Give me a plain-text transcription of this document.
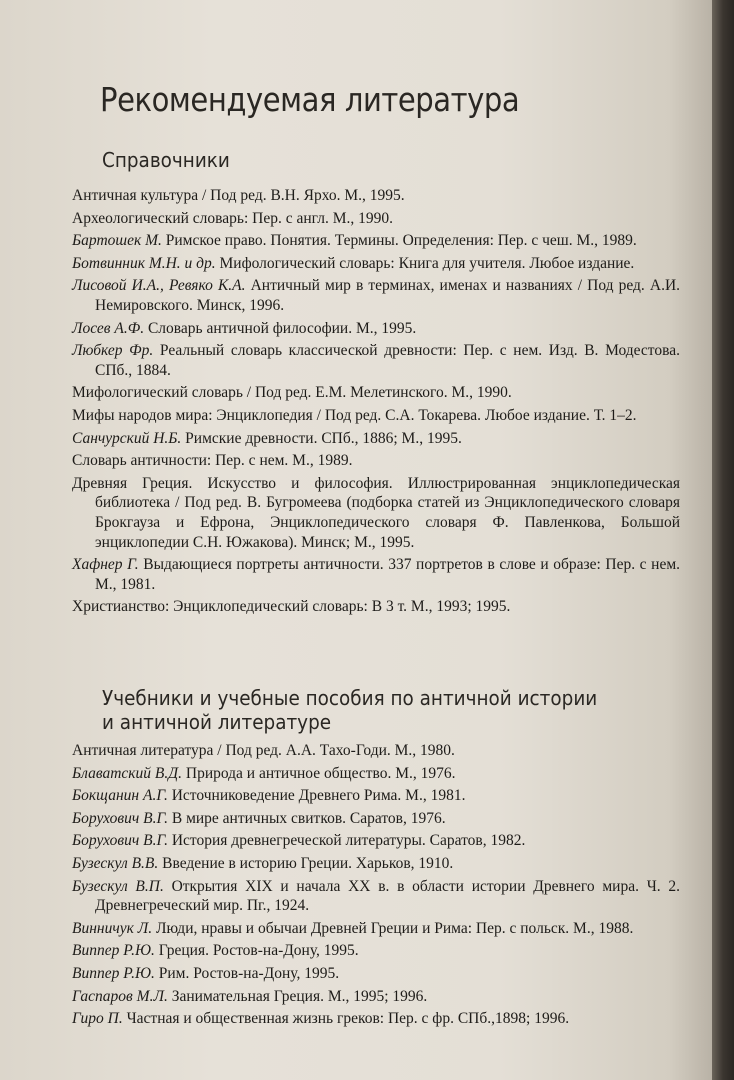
Рекомендуемая литература
Справочники

Античная культура / Под ред. В.Н. Ярхо. М., 1995.

Археологический словарь: Пер. с англ. М., 1990.

Бартошек М. Римское право. Понятия. Термины. Определения: Пер. с чеш. М., 1989.

Ботвинник М.Н. и др. Мифологический словарь: Книга для учителя. Любое издание.

Лисовой И.А., Ревяко К.А. Античный мир в терминах, именах и названиях / Под ред. А.И. Немировского. Минск, 1996.

Лосев А.Ф. Словарь античной философии. М., 1995.

Любкер Фр. Реальный словарь классической древности: Пер. с нем. Изд. В. Модестова. СПб., 1884.

Мифологический словарь / Под ред. Е.М. Мелетинского. М., 1990.

Мифы народов мира: Энциклопедия / Под ред. С.А. Токарева. Любое издание. Т. 1–2.

Санчурский Н.Б. Римские древности. СПб., 1886; М., 1995.

Словарь античности: Пер. с нем. М., 1989.

Древняя Греция. Искусство и философия. Иллюстрированная энциклопедическая библиотека / Под ред. В. Бугромеева (подборка статей из Энциклопедического словаря Брокгауза и Ефрона, Энциклопедического словаря Ф. Павленкова, Большой энциклопедии С.Н. Южакова). Минск; М., 1995.

Хафнер Г. Выдающиеся портреты античности. 337 портретов в слове и образе: Пер. с нем. М., 1981.

Христианство: Энциклопедический словарь: В 3 т. М., 1993; 1995.

Учебники и учебные пособия по античной истории
и античной литературе

Античная литература / Под ред. А.А. Тахо-Годи. М., 1980.

Блаватский В.Д. Природа и античное общество. М., 1976.

Бокщанин А.Г. Источниковедение Древнего Рима. М., 1981.

Борухович В.Г. В мире античных свитков. Саратов, 1976.

Борухович В.Г. История древнегреческой литературы. Саратов, 1982.

Бузескул В.В. Введение в историю Греции. Харьков, 1910.

Бузескул В.П. Открытия XIX и начала XX в. в области истории Древнего мира. Ч. 2. Древнегреческий мир. Пг., 1924.

Винничук Л. Люди, нравы и обычаи Древней Греции и Рима: Пер. с польск. М., 1988.

Виппер Р.Ю. Греция. Ростов-на-Дону, 1995.

Виппер Р.Ю. Рим. Ростов-на-Дону, 1995.

Гаспаров М.Л. Занимательная Греция. М., 1995; 1996.

Гиро П. Частная и общественная жизнь греков: Пер. с фр. СПб.,1898; 1996.
